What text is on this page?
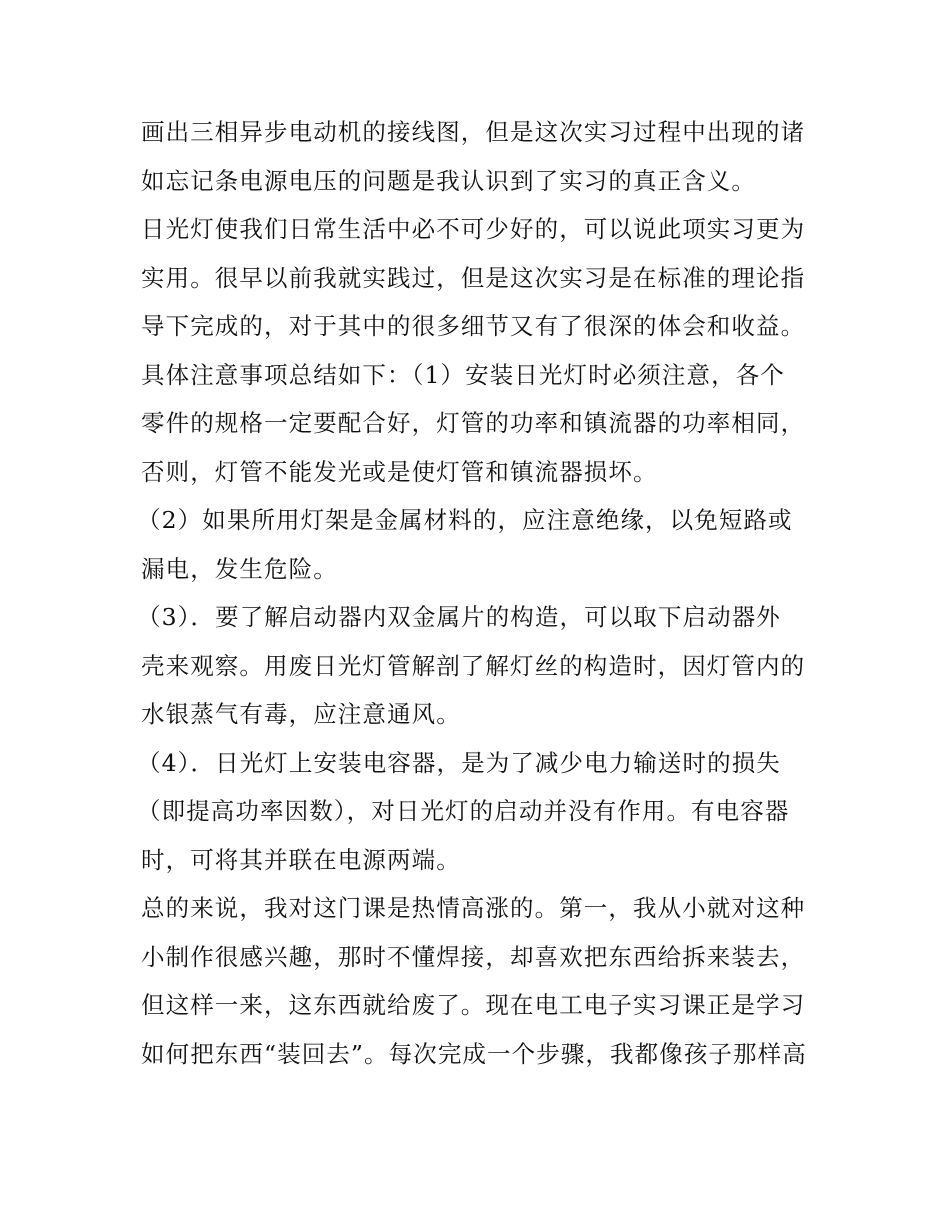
画出三相异步电动机的接线图，但是这次实习过程中出现的诸
如忘记条电源电压的问题是我认识到了实习的真正含义。
日光灯使我们日常生活中必不可少好的，可以说此项实习更为
实用。很早以前我就实践过，但是这次实习是在标准的理论指
导下完成的，对于其中的很多细节又有了很深的体会和收益。
具体注意事项总结如下：（1）安装日光灯时必须注意，各个
零件的规格一定要配合好，灯管的功率和镇流器的功率相同，
否则，灯管不能发光或是使灯管和镇流器损坏。
（2）如果所用灯架是金属材料的，应注意绝缘，以免短路或
漏电，发生危险。
（3）．要了解启动器内双金属片的构造，可以取下启动器外
壳来观察。用废日光灯管解剖了解灯丝的构造时，因灯管内的
水银蒸气有毒，应注意通风。
（4）．日光灯上安装电容器，是为了减少电力输送时的损失
（即提高功率因数），对日光灯的启动并没有作用。有电容器
时，可将其并联在电源两端。
总的来说，我对这门课是热情高涨的。第一，我从小就对这种
小制作很感兴趣，那时不懂焊接，却喜欢把东西给拆来装去，
但这样一来，这东西就给废了。现在电工电子实习课正是学习
如何把东西“装回去”。每次完成一个步骤，我都像孩子那样高
